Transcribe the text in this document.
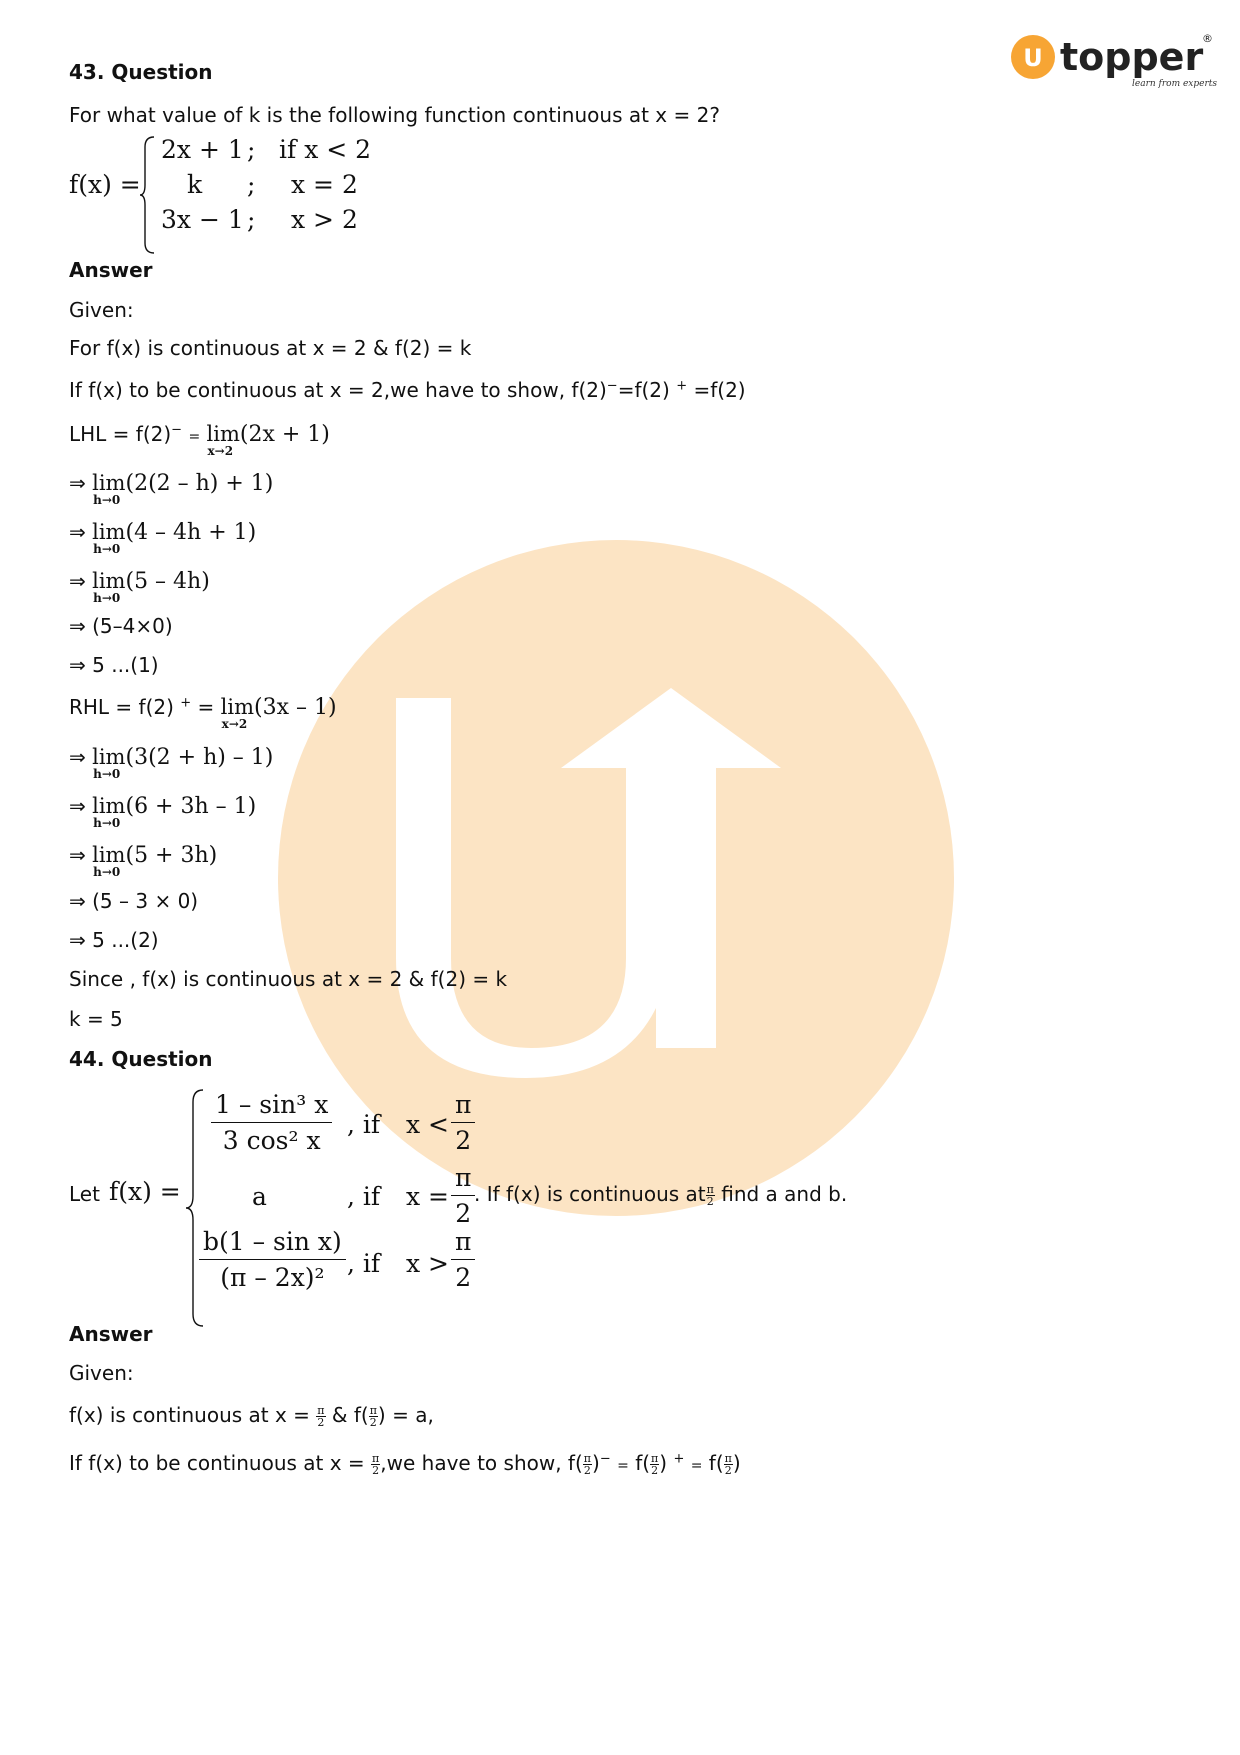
U topper
®
learn from experts
43. Question
For what value of k is the following function continuous at x = 2?
f(x) =
2x + 1 ; if x < 2
k ; x = 2
3x − 1 ; x > 2
Answer
Given:
For f(x) is continuous at x = 2 & f(2) = k
If f(x) to be continuous at x = 2,we have to show, f(2)−=f(2) + =f(2)
LHL = f(2)− = lim
x→2
(2x + 1)
⇒ lim
h→0
(2(2 – h) + 1)
⇒ lim
h→0
(4 – 4h + 1)
⇒ lim
h→0
(5 – 4h)
⇒ (5–4×0)
⇒ 5 ...(1)
RHL = f(2) + = lim
x→2
(3x – 1)
⇒ lim
h→0
(3(2 + h) – 1)
⇒ lim
h→0
(6 + 3h – 1)
⇒ lim
h→0
(5 + 3h)
⇒ (5 – 3 × 0)
⇒ 5 ...(2)
Since , f(x) is continuous at x = 2 & f(2) = k
k = 5
44. Question
Let f(x) =
$\frac{\text{1 – sin³ x}}{\text{3 cos² x}}$ , if $x < \frac{\pi}{2}$
a	, if $x = \frac{\pi}{2}$
$\frac{\text{b(1 – sin x)}}{\text{(π – 2x)²}}$ , if $x > \frac{\pi}{2}$
. If f(x) is continuous at $\frac{\pi}{2}$ find a and b.
Answer
Given:
f(x) is continuous at $x = \frac{\pi}{2}$ & $f( \frac{\pi}{2}$ ) = a,
If f(x) to be continuous at $x = \frac{\pi}{2} ,we$ have to show, $f( \frac{\pi}{2} )^- = f( \frac{\pi}{2}$ ) $^+ = f( \frac{\pi}{2}$ )
